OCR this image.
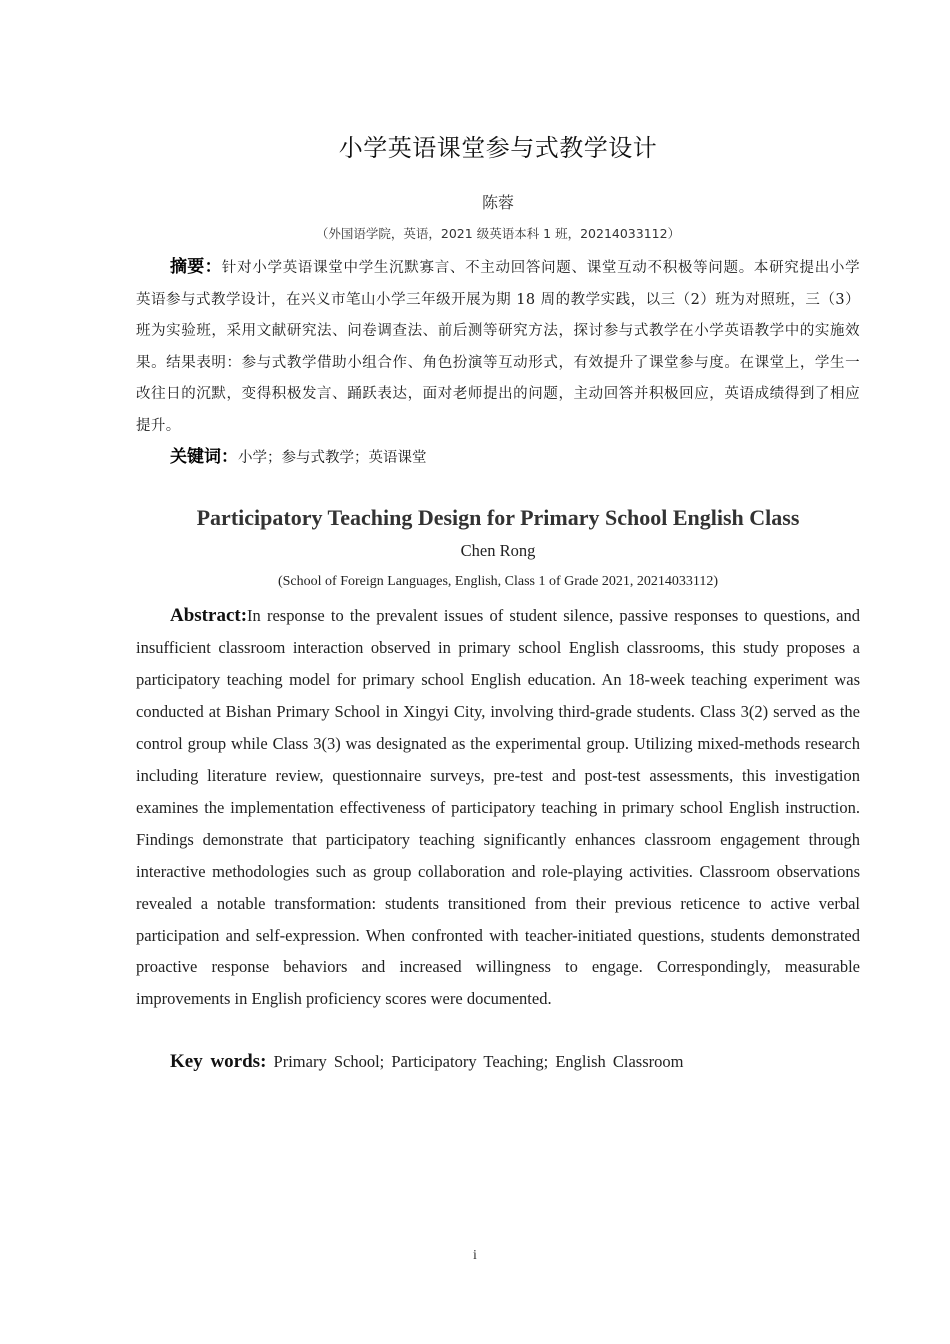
小学英语课堂参与式教学设计
陈蓉
（外国语学院，英语，2021 级英语本科 1 班，20214033112）

摘要：针对小学英语课堂中学生沉默寡言、不主动回答问题、课堂互动不积极等问题。本研究提出小学英语参与式教学设计，在兴义市笔山小学三年级开展为期 18 周的教学实践，以三（2）班为对照班，三（3）班为实验班，采用文献研究法、问卷调查法、前后测等研究方法，探讨参与式教学在小学英语教学中的实施效果。结果表明：参与式教学借助小组合作、角色扮演等互动形式，有效提升了课堂参与度。在课堂上，学生一改往日的沉默，变得积极发言、踊跃表达，面对老师提出的问题，主动回答并积极回应，英语成绩得到了相应提升。

关键词：小学；参与式教学；英语课堂

Participatory Teaching Design for Primary School English Class
Chen Rong
(School of Foreign Languages, English, Class 1 of Grade 2021, 20214033112)

Abstract:In response to the prevalent issues of student silence, passive responses to questions, and insufficient classroom interaction observed in primary school English classrooms, this study proposes a participatory teaching model for primary school English education. An 18-week teaching experiment was conducted at Bishan Primary School in Xingyi City, involving third-grade students. Class 3(2) served as the control group while Class 3(3) was designated as the experimental group. Utilizing mixed-methods research including literature review, questionnaire surveys, pre-test and post-test assessments, this investigation examines the implementation effectiveness of participatory teaching in primary school English instruction. Findings demonstrate that participatory teaching significantly enhances classroom engagement through interactive methodologies such as group collaboration and role-playing activities. Classroom observations revealed a notable transformation: students transitioned from their previous reticence to active verbal participation and self-expression. When confronted with teacher-initiated questions, students demonstrated proactive response behaviors and increased willingness to engage. Correspondingly, measurable improvements in English proficiency scores were documented.

Key words: Primary School; Participatory Teaching; English Classroom

i
